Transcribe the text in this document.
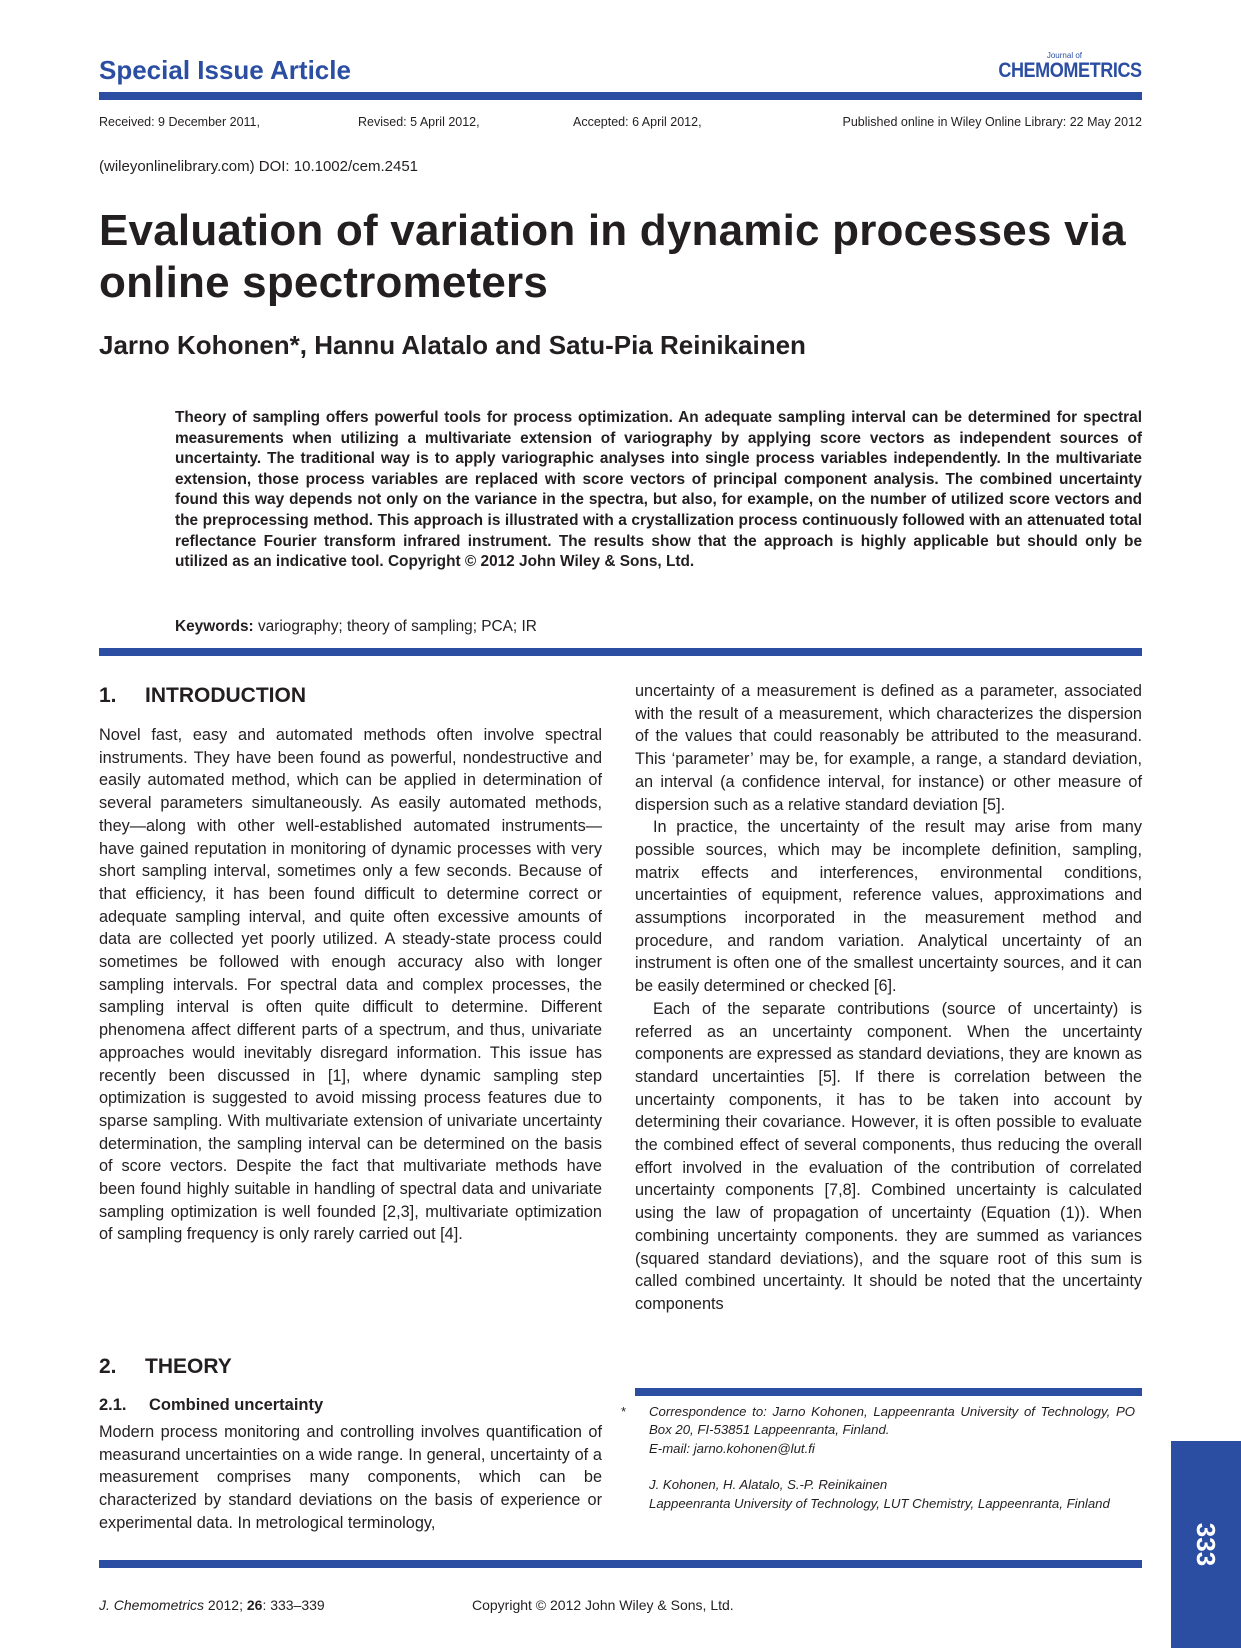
Special Issue Article	Journal of
CHEMOMETRICS
Received: 9 December 2011,	Revised: 5 April 2012,	Accepted: 6 April 2012,	Published online in Wiley Online Library: 22 May 2012
(wileyonlinelibrary.com) DOI: 10.1002/cem.2451
Evaluation of variation in dynamic processes via online spectrometers
Jarno Kohonen*, Hannu Alatalo and Satu-Pia Reinikainen
Theory of sampling offers powerful tools for process optimization. An adequate sampling interval can be determined for spectral measurements when utilizing a multivariate extension of variography by applying score vectors as independent sources of uncertainty. The traditional way is to apply variographic analyses into single process variables independently. In the multivariate extension, those process variables are replaced with score vectors of principal component analysis. The combined uncertainty found this way depends not only on the variance in the spectra, but also, for example, on the number of utilized score vectors and the preprocessing method. This approach is illustrated with a crystallization process continuously followed with an attenuated total reflectance Fourier transform infrared instrument. The results show that the approach is highly applicable but should only be utilized as an indicative tool. Copyright © 2012 John Wiley & Sons, Ltd.
Keywords: variography; theory of sampling; PCA; IR
1. INTRODUCTION

Novel fast, easy and automated methods often involve spectral instruments. They have been found as powerful, nondestructive and easily automated method, which can be applied in determination of several parameters simultaneously. As easily automated methods, they—along with other well-established automated instruments—have gained reputation in monitoring of dynamic processes with very short sampling interval, sometimes only a few seconds. Because of that efficiency, it has been found difficult to determine correct or adequate sampling interval, and quite often excessive amounts of data are collected yet poorly utilized. A steady-state process could sometimes be followed with enough accuracy also with longer sampling intervals. For spectral data and complex processes, the sampling interval is often quite difficult to determine. Different phenomena affect different parts of a spectrum, and thus, univariate approaches would inevitably disregard information. This issue has recently been discussed in [1], where dynamic sampling step optimization is suggested to avoid missing process features due to sparse sampling. With multivariate extension of univariate uncertainty determination, the sampling interval can be determined on the basis of score vectors. Despite the fact that multivariate methods have been found highly suitable in handling of spectral data and univariate sampling optimization is well founded [2,3], multivariate optimization of sampling frequency is only rarely carried out [4].

2. THEORY
2.1. Combined uncertainty

Modern process monitoring and controlling involves quantification of measurand uncertainties on a wide range. In general, uncertainty of a measurement comprises many components, which can be characterized by standard deviations on the basis of experience or experimental data. In metrological terminology,

uncertainty of a measurement is defined as a parameter, associated with the result of a measurement, which characterizes the dispersion of the values that could reasonably be attributed to the measurand. This ‘parameter’ may be, for example, a range, a standard deviation, an interval (a confidence interval, for instance) or other measure of dispersion such as a relative standard deviation [5].

In practice, the uncertainty of the result may arise from many possible sources, which may be incomplete definition, sampling, matrix effects and interferences, environmental conditions, uncertainties of equipment, reference values, approximations and assumptions incorporated in the measurement method and procedure, and random variation. Analytical uncertainty of an instrument is often one of the smallest uncertainty sources, and it can be easily determined or checked [6].

Each of the separate contributions (source of uncertainty) is referred as an uncertainty component. When the uncertainty components are expressed as standard deviations, they are known as standard uncertainties [5]. If there is correlation between the uncertainty components, it has to be taken into account by determining their covariance. However, it is often possible to evaluate the combined effect of several components, thus reducing the overall effort involved in the evaluation of the contribution of correlated uncertainty components [7,8]. Combined uncertainty is calculated using the law of propagation of uncertainty (Equation (1)). When combining uncertainty components. they are summed as variances (squared standard deviations), and the square root of this sum is called combined uncertainty. It should be noted that the uncertainty components

*	Correspondence to: Jarno Kohonen, Lappeenranta University of Technology, PO Box 20, FI-53851 Lappeenranta, Finland.
E-mail: jarno.kohonen@lut.fi
J. Kohonen, H. Alatalo, S.-P. Reinikainen
Lappeenranta University of Technology, LUT Chemistry, Lappeenranta, Finland
333
J. Chemometrics 2012; 26: 333–339	Copyright © 2012 John Wiley & Sons, Ltd.
